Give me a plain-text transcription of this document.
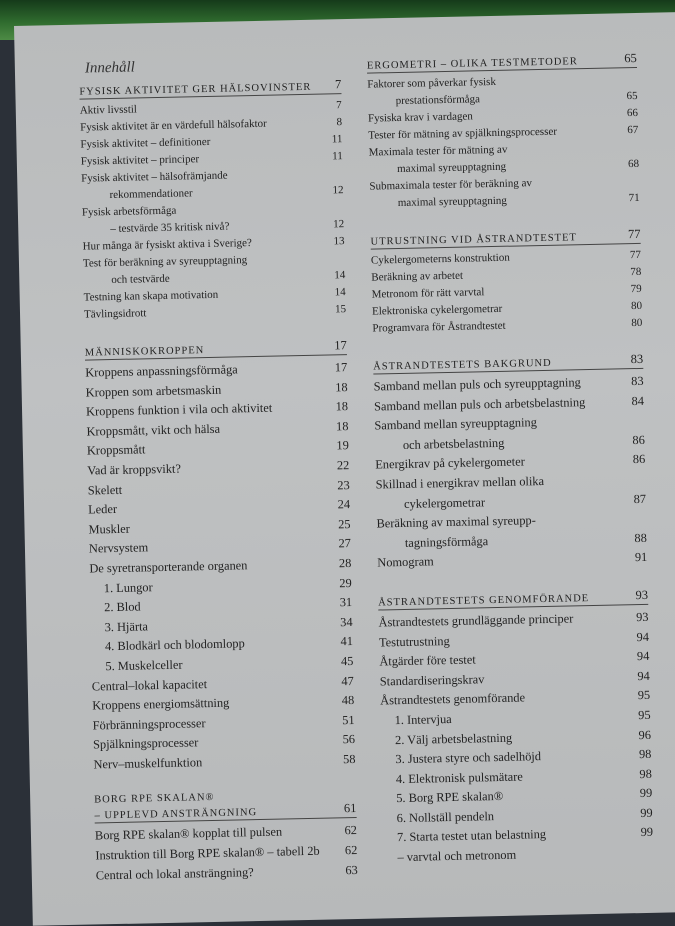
Innehåll
FYSISK AKTIVITET GER HÄLSOVINSTER 7
Aktiv livsstil	7
Fysisk aktivitet är en värdefull hälsofaktor	8
Fysisk aktivitet – definitioner	11
Fysisk aktivitet – principer	11
Fysisk aktivitet – hälsofrämjande
rekommendationer	12
Fysisk arbetsförmåga
– testvärde 35 kritisk nivå?	12
Hur många är fysiskt aktiva i Sverige?	13
Test för beräkning av syreupptagning
och testvärde	14
Testning kan skapa motivation	14
Tävlingsidrott	15
MÄNNISKOKROPPEN	17
Kroppens anpassningsförmåga	17
Kroppen som arbetsmaskin	18
Kroppens funktion i vila och aktivitet	18
Kroppsmått, vikt och hälsa	18
Kroppsmått	19
Vad är kroppsvikt?	22
Skelett	23
Leder	24
Muskler	25
Nervsystem	27
De syretransporterande organen	28
1. Lungor	29
2. Blod	31
3. Hjärta	34
4. Blodkärl och blodomlopp	41
5. Muskelceller	45
Central–lokal kapacitet	47
Kroppens energiomsättning	48
Förbränningsprocesser	51
Spjälkningsprocesser	56
Nerv–muskelfunktion	58
BORG RPE SKALAN®
– UPPLEVD ANSTRÄNGNING	61
Borg RPE skalan® kopplat till pulsen	62
Instruktion till Borg RPE skalan® – tabell 2b	62
Central och lokal ansträngning?	63
ERGOMETRI – OLIKA TESTMETODER	65
Faktorer som påverkar fysisk
prestationsförmåga	65
Fysiska krav i vardagen	66
Tester för mätning av spjälkningsprocesser	67
Maximala tester för mätning av
maximal syreupptagning	68
Submaximala tester för beräkning av
maximal syreupptagning	71
UTRUSTNING VID ÅSTRANDTESTET	77
Cykelergometerns konstruktion	77
Beräkning av arbetet	78
Metronom för rätt varvtal	79
Elektroniska cykelergometrar	80
Programvara för Åstrandtestet	80
ÅSTRANDTESTETS BAKGRUND	83
Samband mellan puls och syreupptagning	83
Samband mellan puls och arbetsbelastning	84
Samband mellan syreupptagning
och arbetsbelastning	86
Energikrav på cykelergometer	86
Skillnad i energikrav mellan olika
cykelergometrar	87
Beräkning av maximal syreupp-
tagningsförmåga	88
Nomogram	91
ÅSTRANDTESTETS GENOMFÖRANDE	93
Åstrandtestets grundläggande principer	93
Testutrustning	94
Åtgärder före testet	94
Standardiseringskrav	94
Åstrandtestets genomförande	95
1. Intervjua	95
2. Välj arbetsbelastning	96
3. Justera styre och sadelhöjd	98
4. Elektronisk pulsmätare	98
5. Borg RPE skalan®	99
6. Nollställ pendeln	99
7. Starta testet utan belastning	99
– varvtal och metronom
